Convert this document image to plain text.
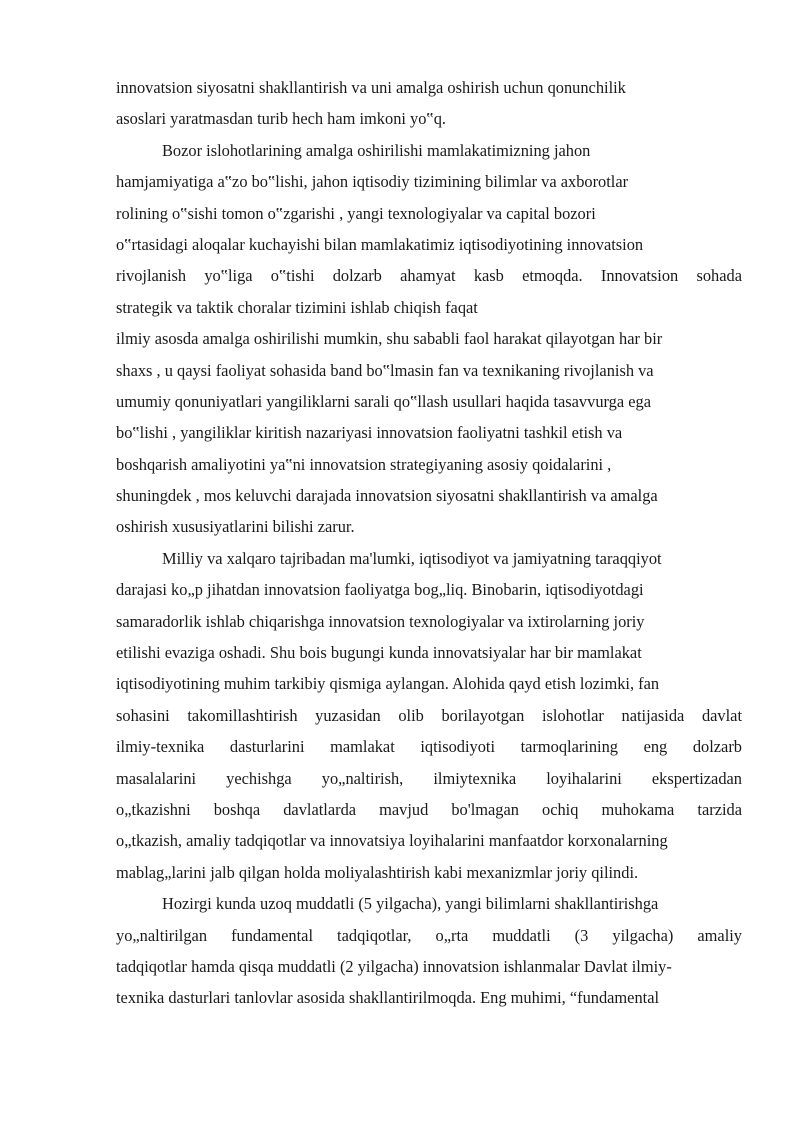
innovatsion siyosatni shakllantirish va uni amalga oshirish uchun qonunchilik
asoslari yaratmasdan turib hech ham imkoni yo‟q.
Bozor islohotlarining amalga oshirilishi mamlakatimizning jahon
hamjamiyatiga a‟zo bo‟lishi, jahon iqtisodiy tizimining bilimlar va axborotlar
rolining o‟sishi tomon o‟zgarishi , yangi texnologiyalar va capital bozori
o‟rtasidagi aloqalar kuchayishi bilan mamlakatimiz iqtisodiyotining innovatsion
rivojlanish yo‟liga o‟tishi dolzarb ahamyat kasb etmoqda. Innovatsion sohada
strategik va taktik choralar tizimini ishlab chiqish faqat
ilmiy asosda amalga oshirilishi mumkin, shu sababli faol harakat qilayotgan har bir
shaxs , u qaysi faoliyat sohasida band bo‟lmasin fan va texnikaning rivojlanish va
umumiy qonuniyatlari yangiliklarni sarali qo‟llash usullari haqida tasavvurga ega
bo‟lishi , yangiliklar kiritish nazariyasi innovatsion faoliyatni tashkil etish va
boshqarish amaliyotini ya‟ni innovatsion strategiyaning asosiy qoidalarini ,
shuningdek , mos keluvchi darajada innovatsion siyosatni shakllantirish va amalga
oshirish xususiyatlarini bilishi zarur.
Milliy va xalqaro tajribadan ma'lumki, iqtisodiyot va jamiyatning taraqqiyot
darajasi ko„p jihatdan innovatsion faoliyatga bog„liq. Binobarin, iqtisodiyotdagi
samaradorlik ishlab chiqarishga innovatsion texnologiyalar va ixtirolarning joriy
etilishi evaziga oshadi. Shu bois bugungi kunda innovatsiyalar har bir mamlakat
iqtisodiyotining muhim tarkibiy qismiga aylangan. Alohida qayd etish lozimki, fan
sohasini takomillashtirish yuzasidan olib borilayotgan islohotlar natijasida davlat
ilmiy-texnika dasturlarini mamlakat iqtisodiyoti tarmoqlarining eng dolzarb
masalalarini yechishga yo„naltirish, ilmiytexnika loyihalarini ekspertizadan
o„tkazishni boshqa davlatlarda mavjud bo'lmagan ochiq muhokama tarzida
o„tkazish, amaliy tadqiqotlar va innovatsiya loyihalarini manfaatdor korxonalarning
mablag„larini jalb qilgan holda moliyalashtirish kabi mexanizmlar joriy qilindi.
Hozirgi kunda uzoq muddatli (5 yilgacha), yangi bilimlarni shakllantirishga
yo„naltirilgan fundamental tadqiqotlar, o„rta muddatli (3 yilgacha) amaliy
tadqiqotlar hamda qisqa muddatli (2 yilgacha) innovatsion ishlanmalar Davlat ilmiy-
texnika dasturlari tanlovlar asosida shakllantirilmoqda. Eng muhimi, “fundamental
